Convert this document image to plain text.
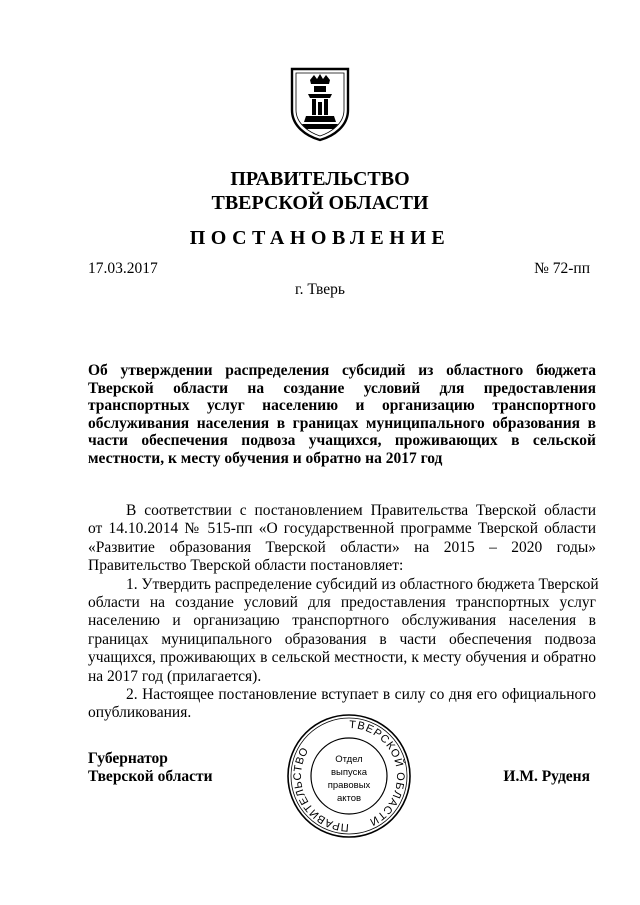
ПРАВИТЕЛЬСТВО
ТВЕРСКОЙ ОБЛАСТИ
ПОСТАНОВЛЕНИЕ
17.03.2017	№ 72-пп
г. Тверь
Об утверждении распределения субсидий из областного бюджета
Тверской области на создание условий для предоставления
транспортных услуг населению и организацию транспортного
обслуживания населения в границах муниципального образования в
части обеспечения подвоза учащихся, проживающих в сельской
местности, к месту обучения и обратно на 2017 год
В соответствии с постановлением Правительства Тверской области
от 14.10.2014 № 515-пп «О государственной программе Тверской области
«Развитие образования Тверской области» на 2015 – 2020 годы»
Правительство Тверской области постановляет:
1. Утвердить распределение субсидий из областного бюджета Тверской
области на создание условий для предоставления транспортных услуг
населению и организацию транспортного обслуживания населения в
границах муниципального образования в части обеспечения подвоза
учащихся, проживающих в сельской местности, к месту обучения и обратно
на 2017 год (прилагается).
2. Настоящее постановление вступает в силу со дня его официального
опубликования.
Губернатор
Тверской области	И.М. Руденя
ТВЕРСКОЙ ОБЛАСТИ
ПРАВИТЕЛЬСТВО
Отдел
выпуска
правовых
актов
